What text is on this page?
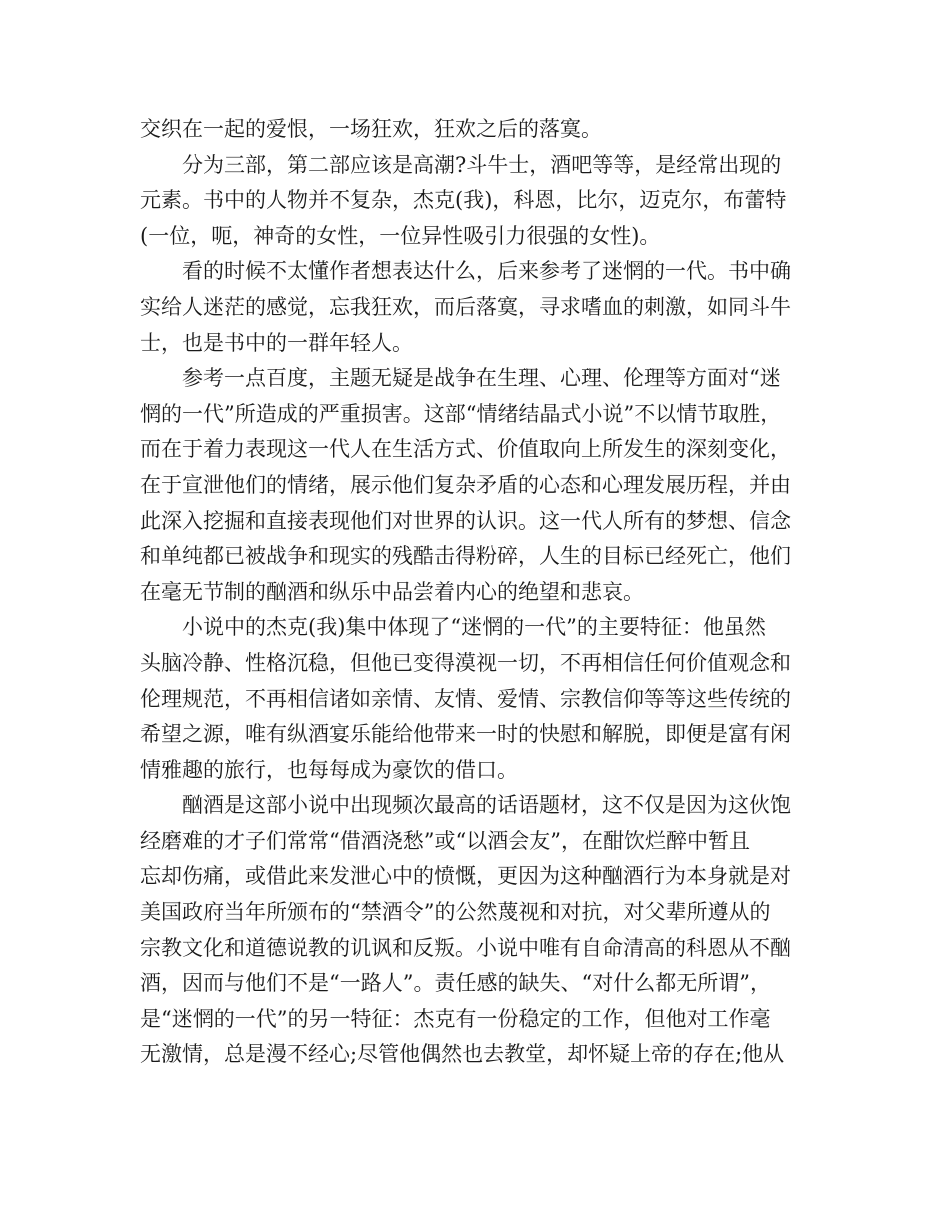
交织在一起的爱恨，一场狂欢，狂欢之后的落寞。
分为三部，第二部应该是高潮?斗牛士，酒吧等等，是经常出现的
元素。书中的人物并不复杂，杰克(我)，科恩，比尔，迈克尔，布蕾特
(一位，呃，神奇的女性，一位异性吸引力很强的女性)。
看的时候不太懂作者想表达什么，后来参考了迷惘的一代。书中确
实给人迷茫的感觉，忘我狂欢，而后落寞，寻求嗜血的刺激，如同斗牛
士，也是书中的一群年轻人。
参考一点百度，主题无疑是战争在生理、心理、伦理等方面对“迷
惘的一代”所造成的严重损害。这部“情绪结晶式小说”不以情节取胜，
而在于着力表现这一代人在生活方式、价值取向上所发生的深刻变化，
在于宣泄他们的情绪，展示他们复杂矛盾的心态和心理发展历程，并由
此深入挖掘和直接表现他们对世界的认识。这一代人所有的梦想、信念
和单纯都已被战争和现实的残酷击得粉碎，人生的目标已经死亡，他们
在毫无节制的酗酒和纵乐中品尝着内心的绝望和悲哀。
小说中的杰克(我)集中体现了“迷惘的一代”的主要特征：他虽然
头脑冷静、性格沉稳，但他已变得漠视一切，不再相信任何价值观念和
伦理规范，不再相信诸如亲情、友情、爱情、宗教信仰等等这些传统的
希望之源，唯有纵酒宴乐能给他带来一时的快慰和解脱，即便是富有闲
情雅趣的旅行，也每每成为豪饮的借口。
酗酒是这部小说中出现频次最高的话语题材，这不仅是因为这伙饱
经磨难的才子们常常“借酒浇愁”或“以酒会友”，在酣饮烂醉中暂且
忘却伤痛，或借此来发泄心中的愤慨，更因为这种酗酒行为本身就是对
美国政府当年所颁布的“禁酒令”的公然蔑视和对抗，对父辈所遵从的
宗教文化和道德说教的讥讽和反叛。小说中唯有自命清高的科恩从不酗
酒，因而与他们不是“一路人”。责任感的缺失、“对什么都无所谓”，
是“迷惘的一代”的另一特征：杰克有一份稳定的工作，但他对工作毫
无激情，总是漫不经心;尽管他偶然也去教堂，却怀疑上帝的存在;他从
